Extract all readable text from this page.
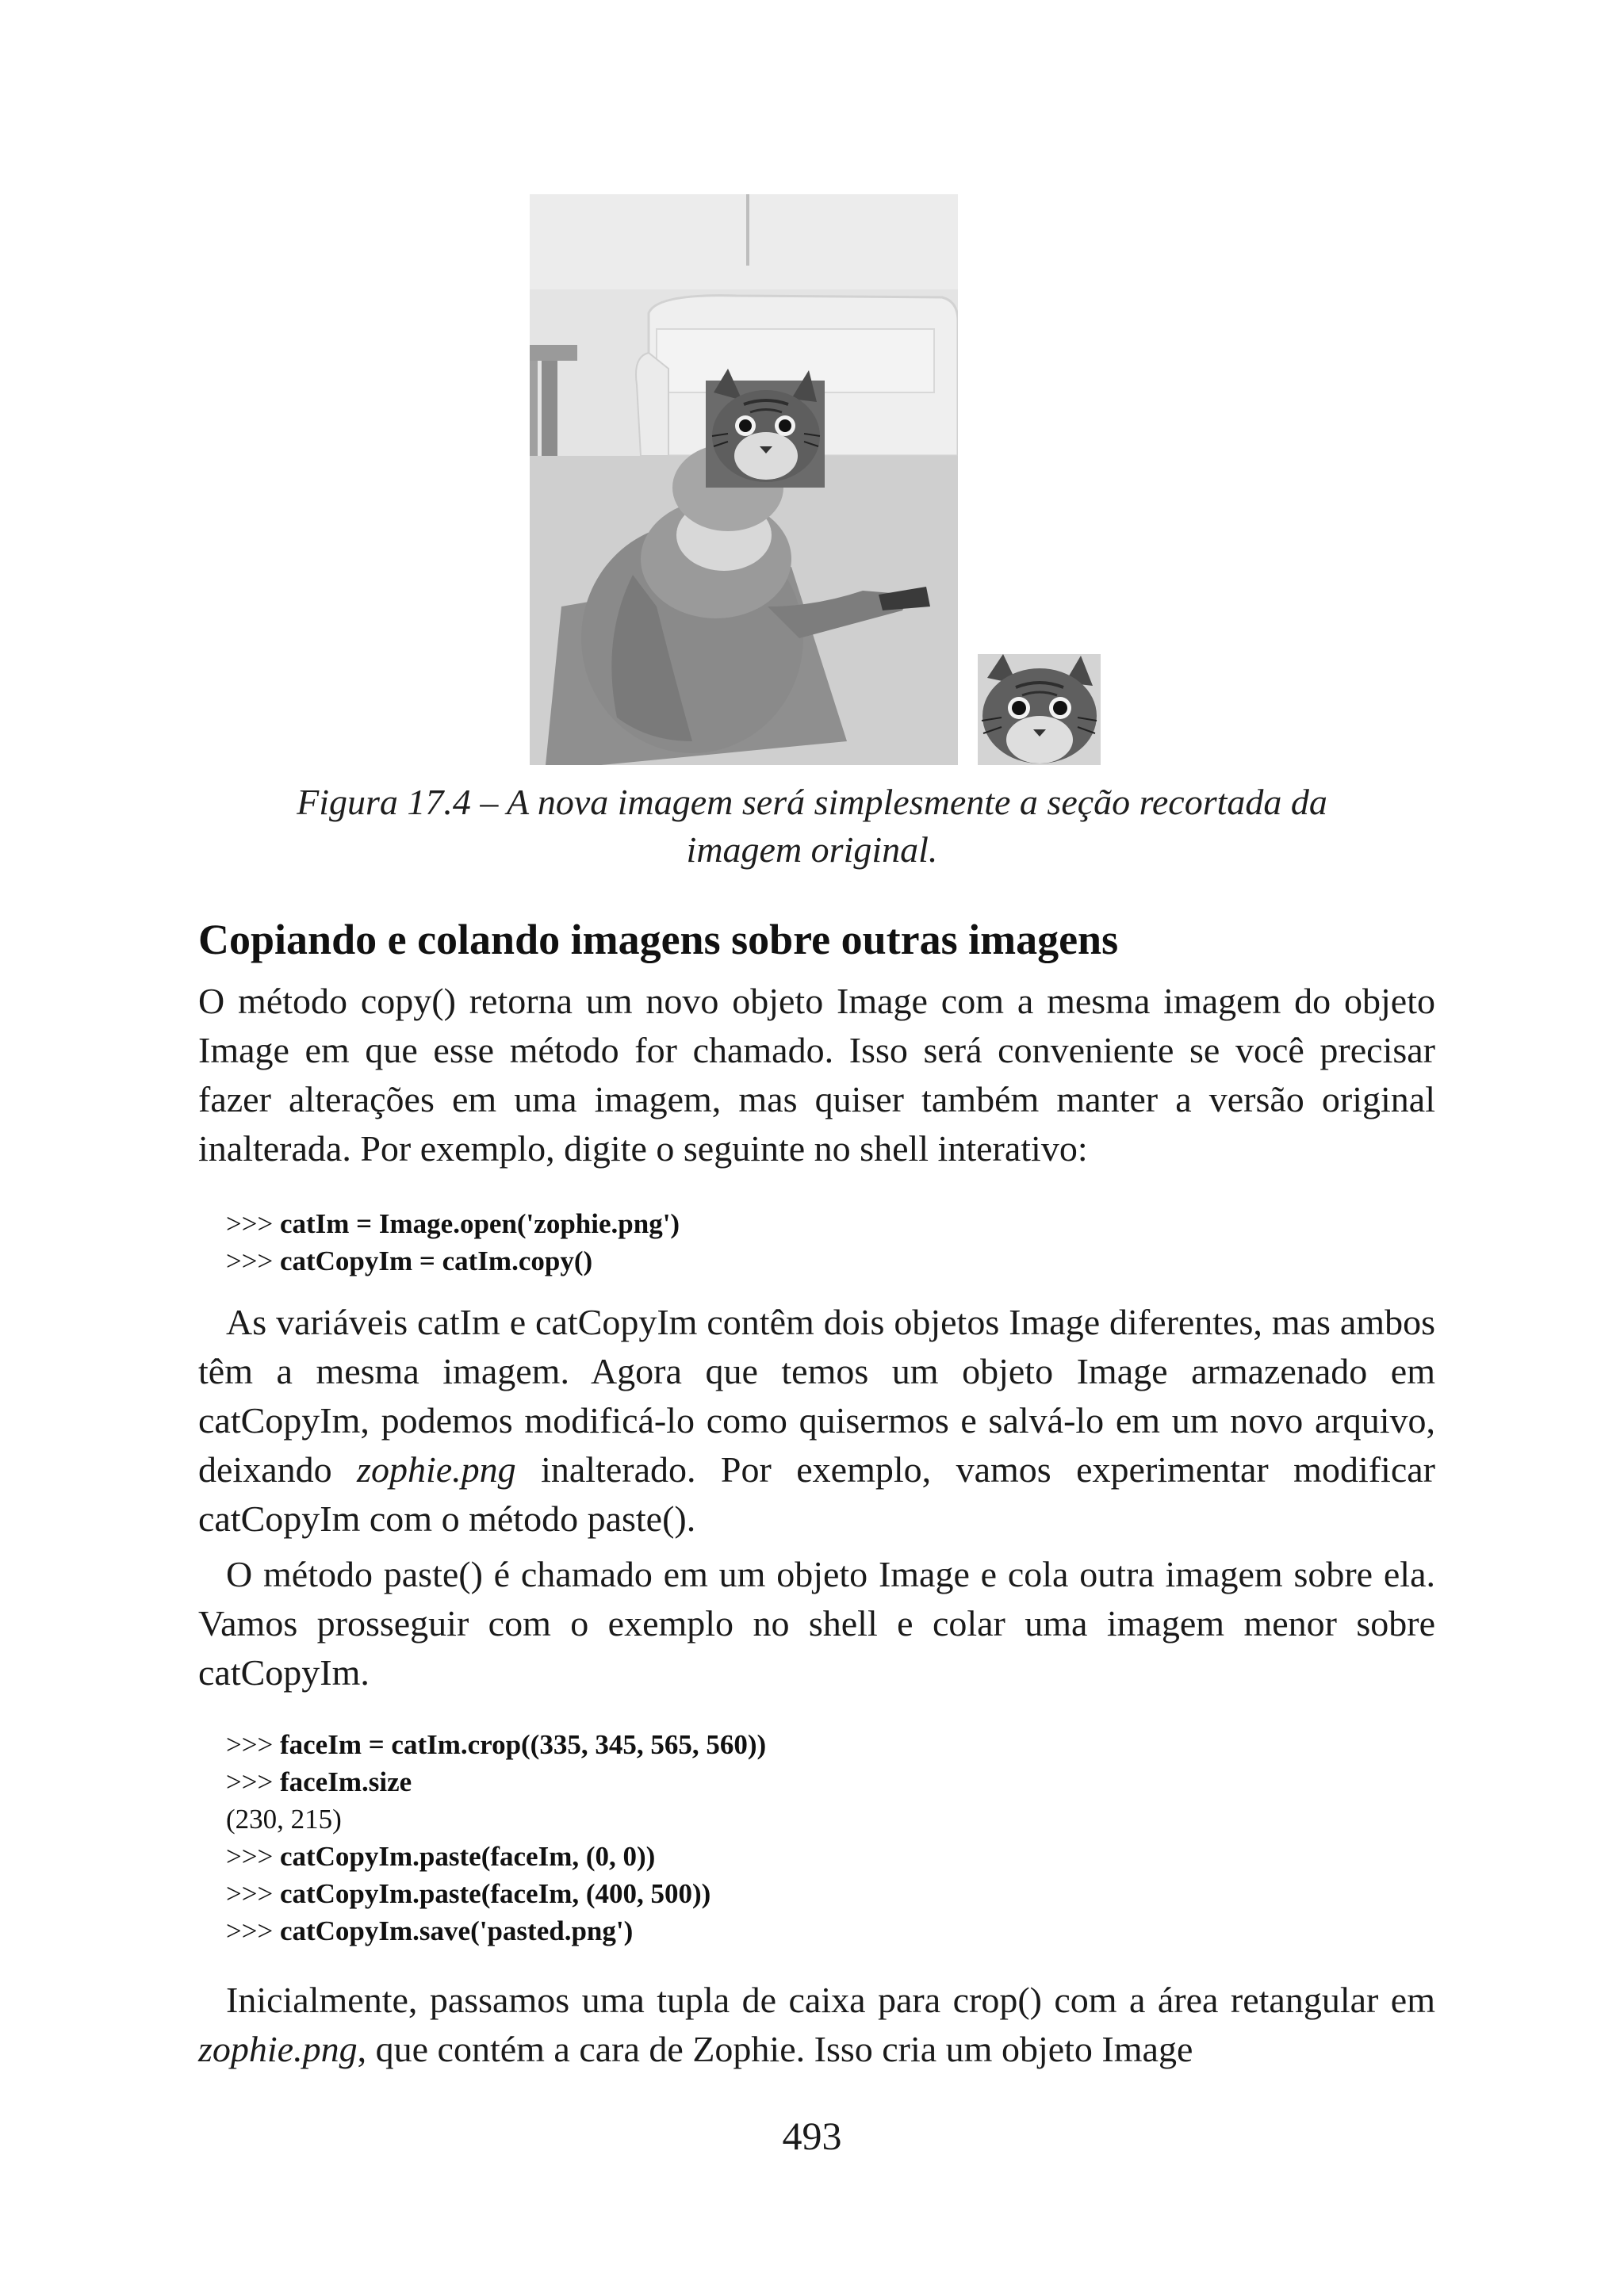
Figura 17.4 – A nova imagem será simplesmente a seção recortada da
imagem original.
Copiando e colando imagens sobre outras imagens

O método copy() retorna um novo objeto Image com a mesma imagem do objeto Image em que esse método for chamado. Isso será conveniente se você precisar fazer alterações em uma imagem, mas quiser também manter a versão original inalterada. Por exemplo, digite o seguinte no shell interativo:

>>> catIm = Image.open('zophie.png')
>>> catCopyIm = catIm.copy()

As variáveis catIm e catCopyIm contêm dois objetos Image diferentes, mas ambos têm a mesma imagem. Agora que temos um objeto Image armazenado em catCopyIm, podemos modificá-lo como quisermos e salvá-lo em um novo arquivo, deixando zophie.png inalterado. Por exemplo, vamos experimentar modificar catCopyIm com o método paste().

O método paste() é chamado em um objeto Image e cola outra imagem sobre ela. Vamos prosseguir com o exemplo no shell e colar uma imagem menor sobre catCopyIm.

>>> faceIm = catIm.crop((335, 345, 565, 560))
>>> faceIm.size
(230, 215)
>>> catCopyIm.paste(faceIm, (0, 0))
>>> catCopyIm.paste(faceIm, (400, 500))
>>> catCopyIm.save('pasted.png')

Inicialmente, passamos uma tupla de caixa para crop() com a área retangular em zophie.png, que contém a cara de Zophie. Isso cria um objeto Image

493
